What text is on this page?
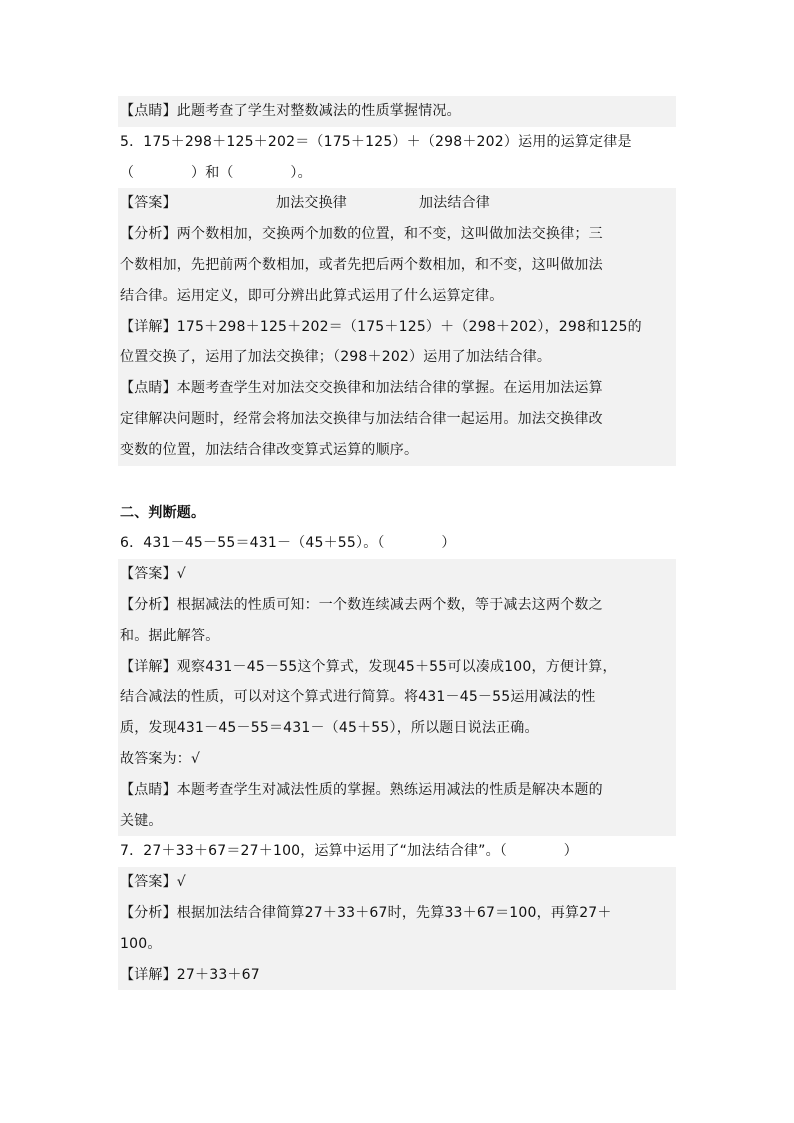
【点睛】此题考查了学生对整数减法的性质掌握情况。
5．175＋298＋125＋202＝（175＋125）＋（298＋202）运用的运算定律是
（　　　　）和（　　　　）。
【答案】	加法交换律	加法结合律
【分析】两个数相加，交换两个加数的位置，和不变，这叫做加法交换律；三
个数相加，先把前两个数相加，或者先把后两个数相加，和不变，这叫做加法
结合律。运用定义，即可分辨出此算式运用了什么运算定律。
【详解】175＋298＋125＋202＝（175＋125）＋（298＋202），298和125的
位置交换了，运用了加法交换律；（298＋202）运用了加法结合律。
【点睛】本题考查学生对加法交交换律和加法结合律的掌握。在运用加法运算
定律解决问题时，经常会将加法交换律与加法结合律一起运用。加法交换律改
变数的位置，加法结合律改变算式运算的顺序。
二、判断题。
6．431－45－55＝431－（45＋55）。（　　　　）
【答案】√
【分析】根据减法的性质可知：一个数连续减去两个数，等于减去这两个数之
和。据此解答。
【详解】观察431－45－55这个算式，发现45＋55可以凑成100，方便计算，
结合减法的性质，可以对这个算式进行简算。将431－45－55运用减法的性
质，发现431－45－55＝431－（45＋55），所以题日说法正确。
故答案为：√
【点睛】本题考查学生对减法性质的掌握。熟练运用减法的性质是解决本题的
关键。
7．27＋33＋67＝27＋100，运算中运用了“加法结合律”。（　　　　）
【答案】√
【分析】根据加法结合律简算27＋33＋67时，先算33＋67＝100，再算27＋
100。
【详解】27＋33＋67
